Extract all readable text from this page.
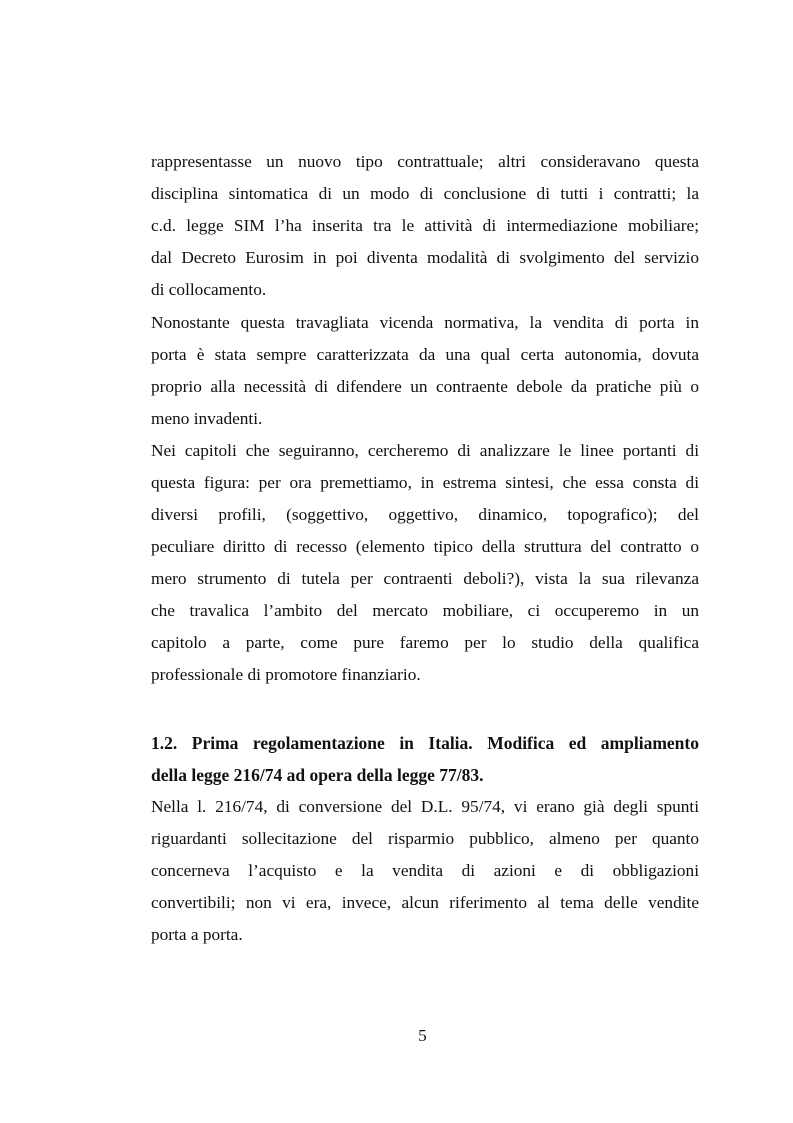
rappresentasse un nuovo tipo contrattuale; altri consideravano questa
disciplina sintomatica di un modo di conclusione di tutti i contratti; la
c.d. legge SIM l’ha inserita tra le attività di intermediazione mobiliare;
dal Decreto Eurosim in poi diventa modalità di svolgimento del servizio
di collocamento.
Nonostante questa travagliata vicenda normativa, la vendita di porta in
porta è stata sempre caratterizzata da una qual certa autonomia, dovuta
proprio alla necessità di difendere un contraente debole da pratiche più o
meno invadenti.
Nei capitoli che seguiranno, cercheremo di analizzare le linee portanti di
questa figura: per ora premettiamo, in estrema sintesi, che essa consta di
diversi profili, (soggettivo, oggettivo, dinamico, topografico); del
peculiare diritto di recesso (elemento tipico della struttura del contratto o
mero strumento di tutela per contraenti deboli?), vista la sua rilevanza
che travalica l’ambito del mercato mobiliare, ci occuperemo in un
capitolo a parte, come pure faremo per lo studio della qualifica
professionale di promotore finanziario.
1.2. Prima regolamentazione in Italia. Modifica ed ampliamento
della legge 216/74 ad opera della legge 77/83.
Nella l. 216/74, di conversione del D.L. 95/74, vi erano già degli spunti
riguardanti sollecitazione del risparmio pubblico, almeno per quanto
concerneva l’acquisto e la vendita di azioni e di obbligazioni
convertibili; non vi era, invece, alcun riferimento al tema delle vendite
porta a porta.

5
